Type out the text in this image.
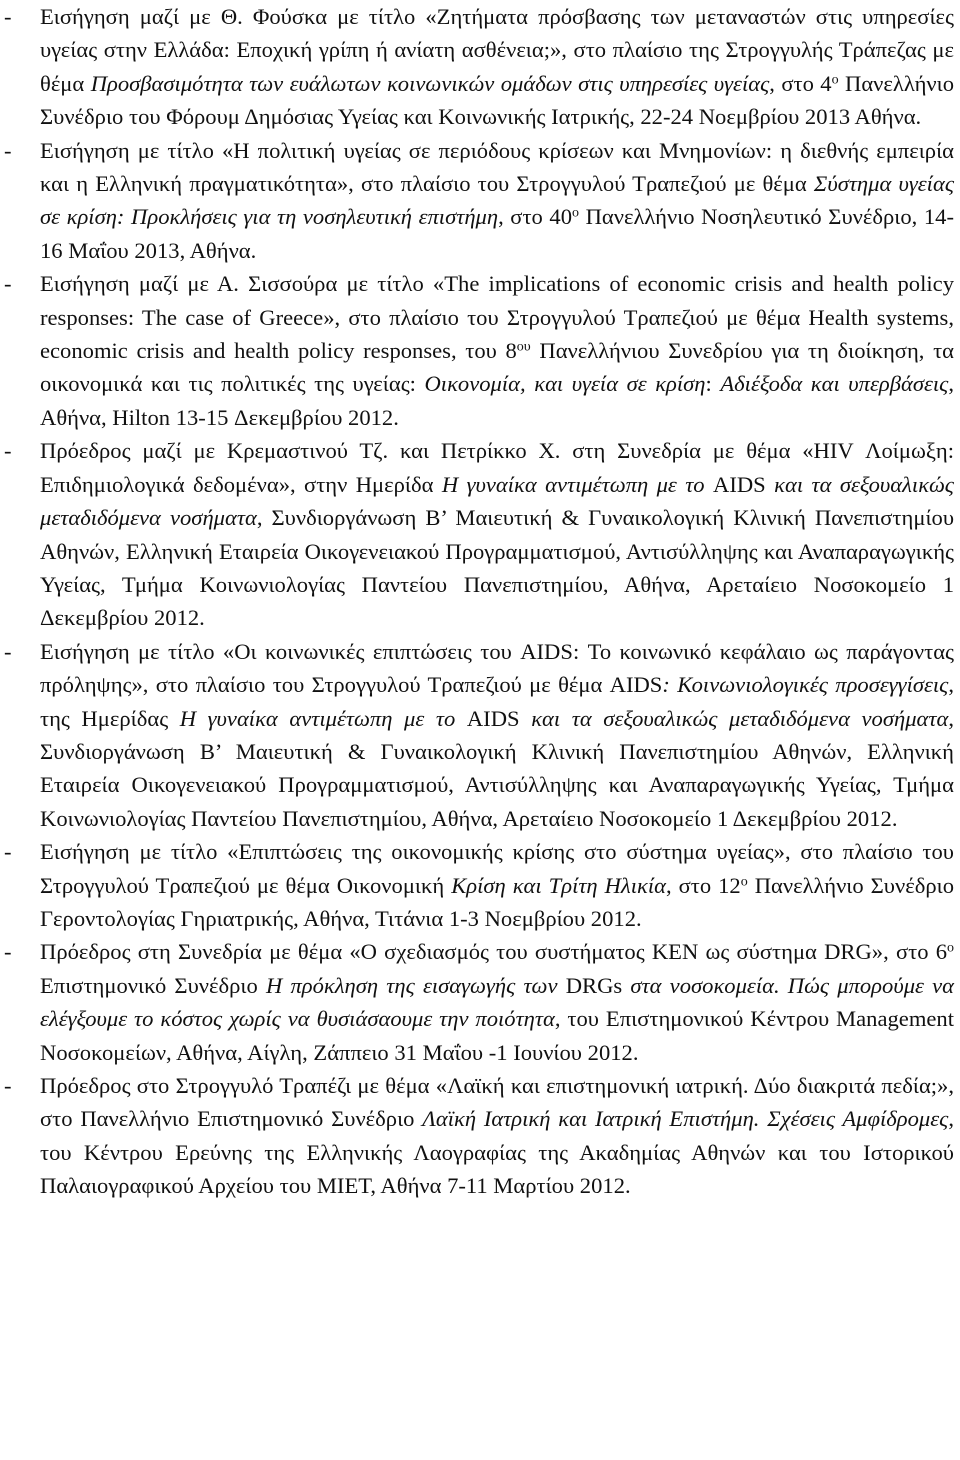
- Εισήγηση μαζί με Θ. Φούσκα με τίτλο «Ζητήματα πρόσβασης των μεταναστών στις υπηρεσίες υγείας στην Ελλάδα: Εποχική γρίπη ή ανίατη ασθένεια;», στο πλαίσιο της Στρογγυλής Τράπεζας με θέμα Προσβασιμότητα των ευάλωτων κοινωνικών ομάδων στις υπηρεσίες υγείας, στο $4^o$ Πανελλήνιο Συνέδριο του Φόρουμ Δημόσιας Υγείας και Κοινωνικής Ιατρικής, 22-24 Νοεμβρίου 2013 Αθήνα.

- Εισήγηση με τίτλο «Η πολιτική υγείας σε περιόδους κρίσεων και Μνημονίων: η διεθνής εμπειρία και η Ελληνική πραγματικότητα», στο πλαίσιο του Στρογγυλού Τραπεζιού με θέμα Σύστημα υγείας σε κρίση: Προκλήσεις για τη νοσηλευτική επιστήμη, στο $40^o$ Πανελλήνιο Νοσηλευτικό Συνέδριο, 14-16 Μαΐου 2013, Αθήνα.

- Εισήγηση μαζί με Α. Σισσούρα με τίτλο «The implications of economic crisis and health policy responses: The case of Greece», στο πλαίσιο του Στρογγυλού Τραπεζιού με θέμα Health systems, economic crisis and health policy responses, του $8^{o\upsilon}$ Πανελλήνιου Συνεδρίου για τη διοίκηση, τα οικονομικά και τις πολιτικές της υγείας: Οικονομία, και υγεία σε κρίση: Αδιέξοδα και υπερβάσεις, Αθήνα, Hilton 13-15 Δεκεμβρίου 2012.

- Πρόεδρος μαζί με Κρεμαστινού Τζ. και Πετρίκκο Χ. στη Συνεδρία με θέμα «HIV Λοίμωξη: Επιδημιολογικά δεδομένα», στην Ημερίδα Η γυναίκα αντιμέτωπη με το AIDS και τα σεξουαλικώς μεταδιδόμενα νοσήματα, Συνδιοργάνωση Β’ Μαιευτική & Γυναικολογική Κλινική Πανεπιστημίου Αθηνών, Ελληνική Εταιρεία Οικογενειακού Προγραμματισμού, Αντισύλληψης και Αναπαραγωγικής Υγείας, Τμήμα Κοινωνιολογίας Παντείου Πανεπιστημίου, Αθήνα, Αρεταίειο Νοσοκομείο 1 Δεκεμβρίου 2012.

- Εισήγηση με τίτλο «Οι κοινωνικές επιπτώσεις του AIDS: Το κοινωνικό κεφάλαιο ως παράγοντας πρόληψης», στο πλαίσιο του Στρογγυλού Τραπεζιού με θέμα AIDS: Κοινωνιολογικές προσεγγίσεις, της Ημερίδας Η γυναίκα αντιμέτωπη με το AIDS και τα σεξουαλικώς μεταδιδόμενα νοσήματα, Συνδιοργάνωση Β’ Μαιευτική & Γυναικολογική Κλινική Πανεπιστημίου Αθηνών, Ελληνική Εταιρεία Οικογενειακού Προγραμματισμού, Αντισύλληψης και Αναπαραγωγικής Υγείας, Τμήμα Κοινωνιολογίας Παντείου Πανεπιστημίου, Αθήνα, Αρεταίειο Νοσοκομείο 1 Δεκεμβρίου 2012.

- Εισήγηση με τίτλο «Επιπτώσεις της οικονομικής κρίσης στο σύστημα υγείας», στο πλαίσιο του Στρογγυλού Τραπεζιού με θέμα Οικονομική Κρίση και Τρίτη Ηλικία, στο $12^o$ Πανελλήνιο Συνέδριο Γεροντολογίας Γηριατρικής, Αθήνα, Τιτάνια 1-3 Νοεμβρίου 2012.

- Πρόεδρος στη Συνεδρία με θέμα «Ο σχεδιασμός του συστήματος ΚΕΝ ως σύστημα DRG», στο $6^o$ Επιστημονικό Συνέδριο Η πρόκληση της εισαγωγής των DRGs στα νοσοκομεία. Πώς μπορούμε να ελέγξουμε το κόστος χωρίς να θυσιάσαουμε την ποιότητα, του Επιστημονικού Κέντρου Management Νοσοκομείων, Αθήνα, Αίγλη, Ζάππειο 31 Μαΐου -1 Ιουνίου 2012.

- Πρόεδρος στο Στρογγυλό Τραπέζι με θέμα «Λαϊκή και επιστημονική ιατρική. Δύο διακριτά πεδία;», στο Πανελλήνιο Επιστημονικό Συνέδριο Λαϊκή Ιατρική και Ιατρική Επιστήμη. Σχέσεις Αμφίδρομες, του Κέντρου Ερεύνης της Ελληνικής Λαογραφίας της Ακαδημίας Αθηνών και του Ιστορικού Παλαιογραφικού Αρχείου του ΜΙΕΤ, Αθήνα 7-11 Μαρτίου 2012.
